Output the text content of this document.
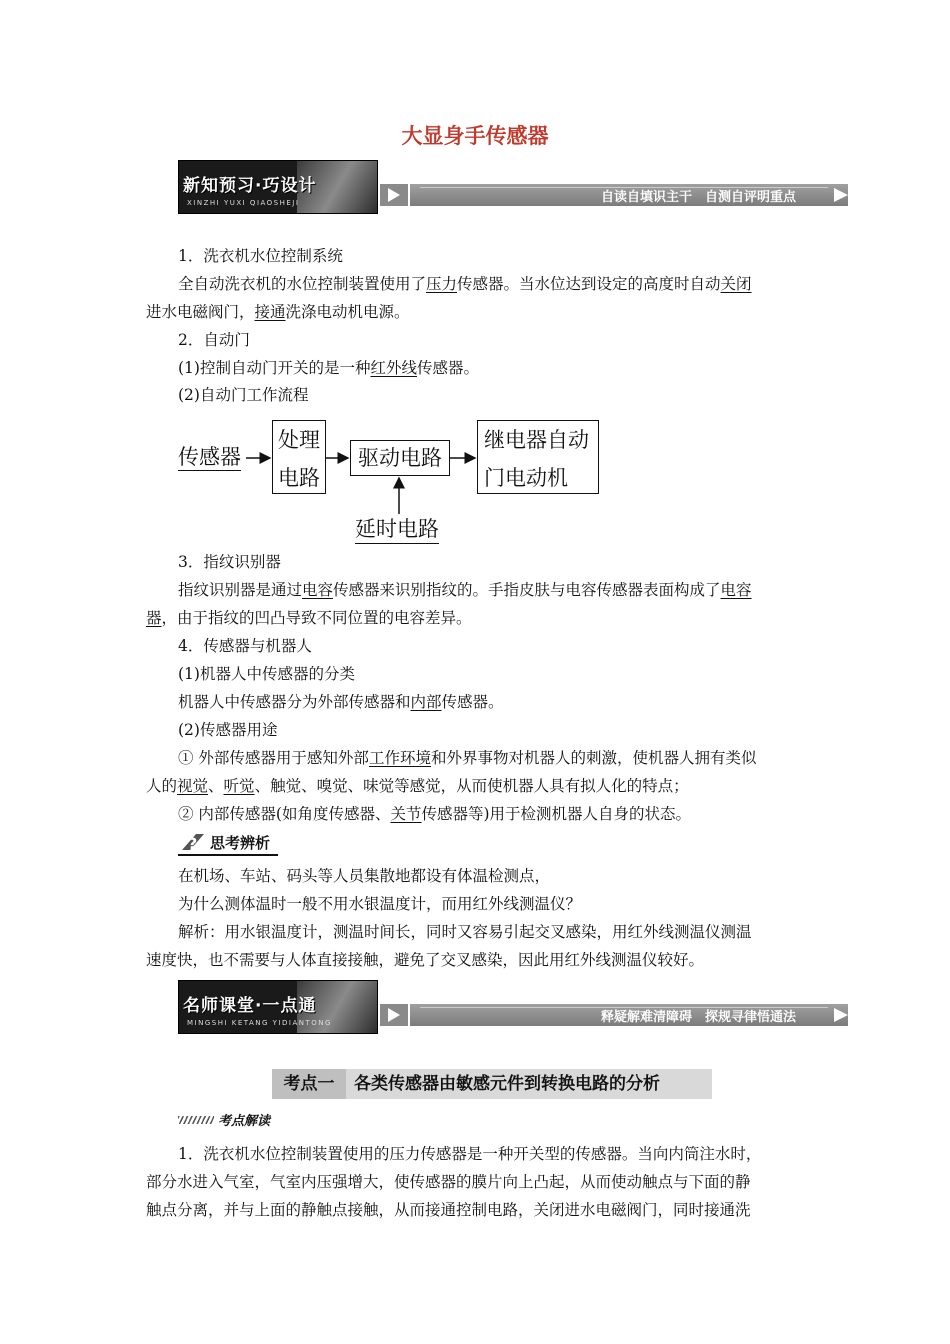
大显身手传感器
新知预习·巧设计
XINZHI YUXI QIAOSHEJI	自读自填识主干　自测自评明重点
1．洗衣机水位控制系统
全自动洗衣机的水位控制装置使用了压力传感器。当水位达到设定的高度时自动关闭
进水电磁阀门，接通洗涤电动机电源。
2．自动门
(1)控制自动门开关的是一种红外线传感器。
(2)自动门工作流程
传感器
处理
电路
驱动电路
继电器自动
门电动机
延时电路
3．指纹识别器
指纹识别器是通过电容传感器来识别指纹的。手指皮肤与电容传感器表面构成了电容
器，由于指纹的凹凸导致不同位置的电容差异。
4．传感器与机器人
(1)机器人中传感器的分类
机器人中传感器分为外部传感器和内部传感器。
(2)传感器用途
① 外部传感器用于感知外部工作环境和外界事物对机器人的刺激，使机器人拥有类似
人的视觉、听觉、触觉、嗅觉、味觉等感觉，从而使机器人具有拟人化的特点；
② 内部传感器(如角度传感器、关节传感器等)用于检测机器人自身的状态。
? 思考辨析
在机场、车站、码头等人员集散地都设有体温检测点，
为什么测体温时一般不用水银温度计，而用红外线测温仪？
解析：用水银温度计，测温时间长，同时又容易引起交叉感染，用红外线测温仪测温
速度快，也不需要与人体直接接触，避免了交叉感染，因此用红外线测温仪较好。
名师课堂·一点通
MINGSHI KETANG YIDIANTONG	释疑解难清障碍　探规寻律悟通法
考点一	各类传感器由敏感元件到转换电路的分析
考点解读
1．洗衣机水位控制装置使用的压力传感器是一种开关型的传感器。当向内筒注水时，
部分水进入气室，气室内压强增大，使传感器的膜片向上凸起，从而使动触点与下面的静
触点分离，并与上面的静触点接触，从而接通控制电路，关闭进水电磁阀门，同时接通洗
